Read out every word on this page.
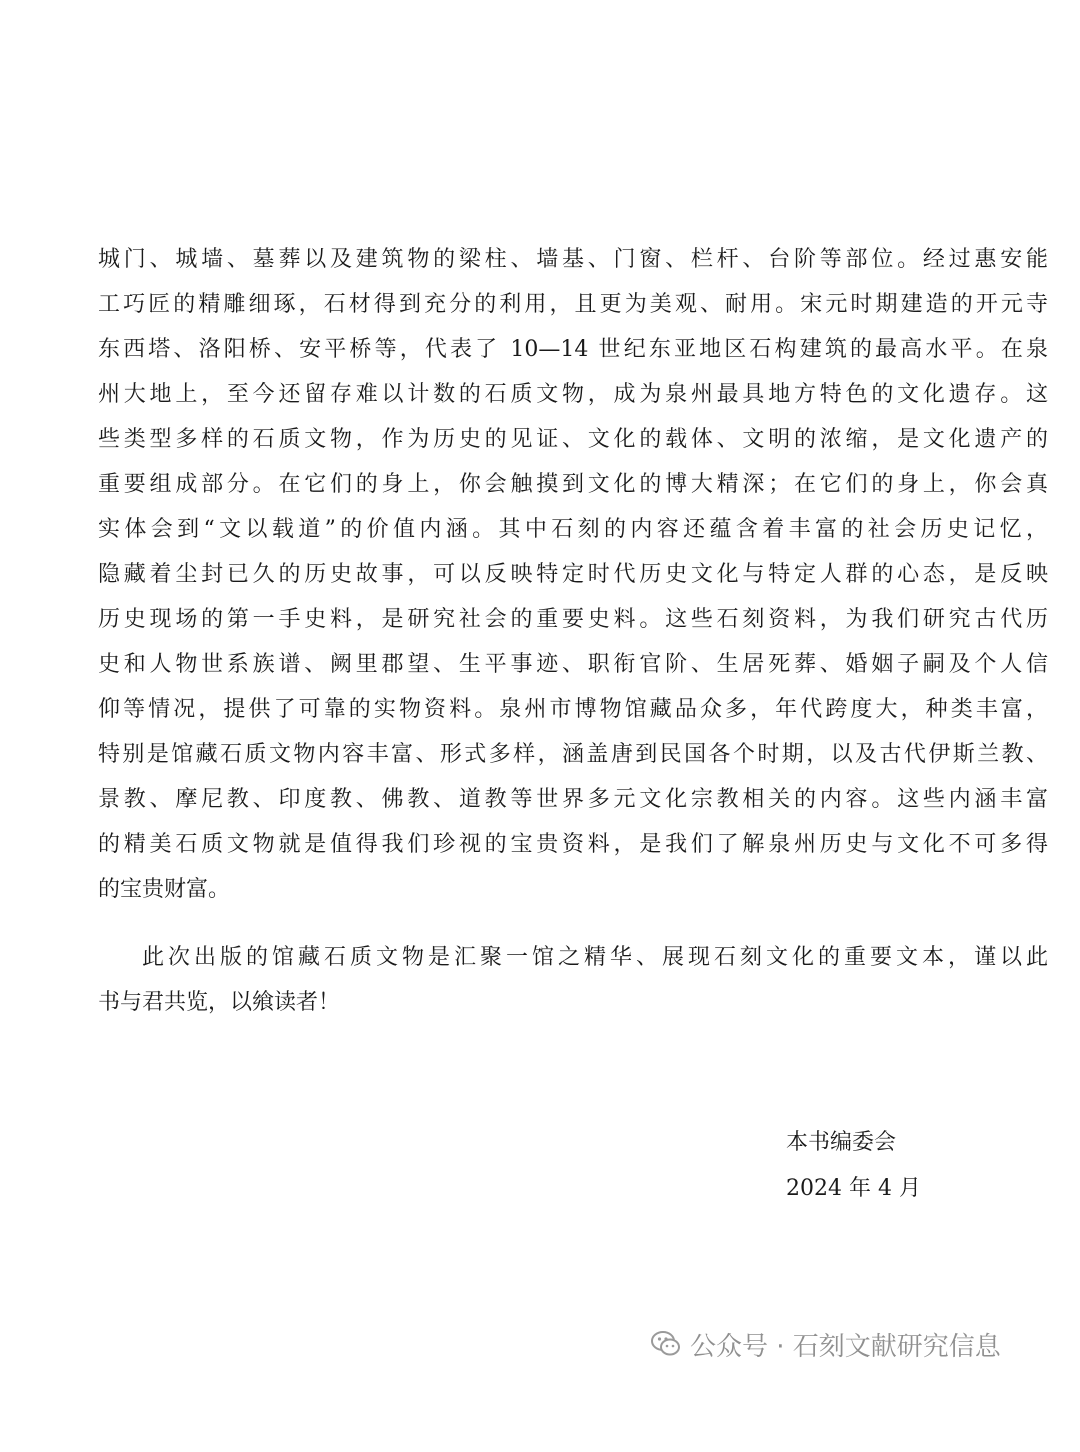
城门、城墙、墓葬以及建筑物的梁柱、墙基、门窗、栏杆、台阶等部位。经过惠安能
工巧匠的精雕细琢，石材得到充分的利用，且更为美观、耐用。宋元时期建造的开元寺
东西塔、洛阳桥、安平桥等，代表了 10—14 世纪东亚地区石构建筑的最高水平。在泉
州大地上，至今还留存难以计数的石质文物，成为泉州最具地方特色的文化遗存。这
些类型多样的石质文物，作为历史的见证、文化的载体、文明的浓缩，是文化遗产的
重要组成部分。在它们的身上，你会触摸到文化的博大精深；在它们的身上，你会真
实体会到“文以载道”的价值内涵。其中石刻的内容还蕴含着丰富的社会历史记忆，
隐藏着尘封已久的历史故事，可以反映特定时代历史文化与特定人群的心态，是反映
历史现场的第一手史料，是研究社会的重要史料。这些石刻资料，为我们研究古代历
史和人物世系族谱、阙里郡望、生平事迹、职衔官阶、生居死葬、婚姻子嗣及个人信
仰等情况，提供了可靠的实物资料。泉州市博物馆藏品众多，年代跨度大，种类丰富，
特别是馆藏石质文物内容丰富、形式多样，涵盖唐到民国各个时期，以及古代伊斯兰教、
景教、摩尼教、印度教、佛教、道教等世界多元文化宗教相关的内容。这些内涵丰富
的精美石质文物就是值得我们珍视的宝贵资料，是我们了解泉州历史与文化不可多得
的宝贵财富。
此次出版的馆藏石质文物是汇聚一馆之精华、展现石刻文化的重要文本，谨以此
书与君共览，以飨读者！
本书编委会
2024 年 4 月
公众号 · 石刻文献研究信息
